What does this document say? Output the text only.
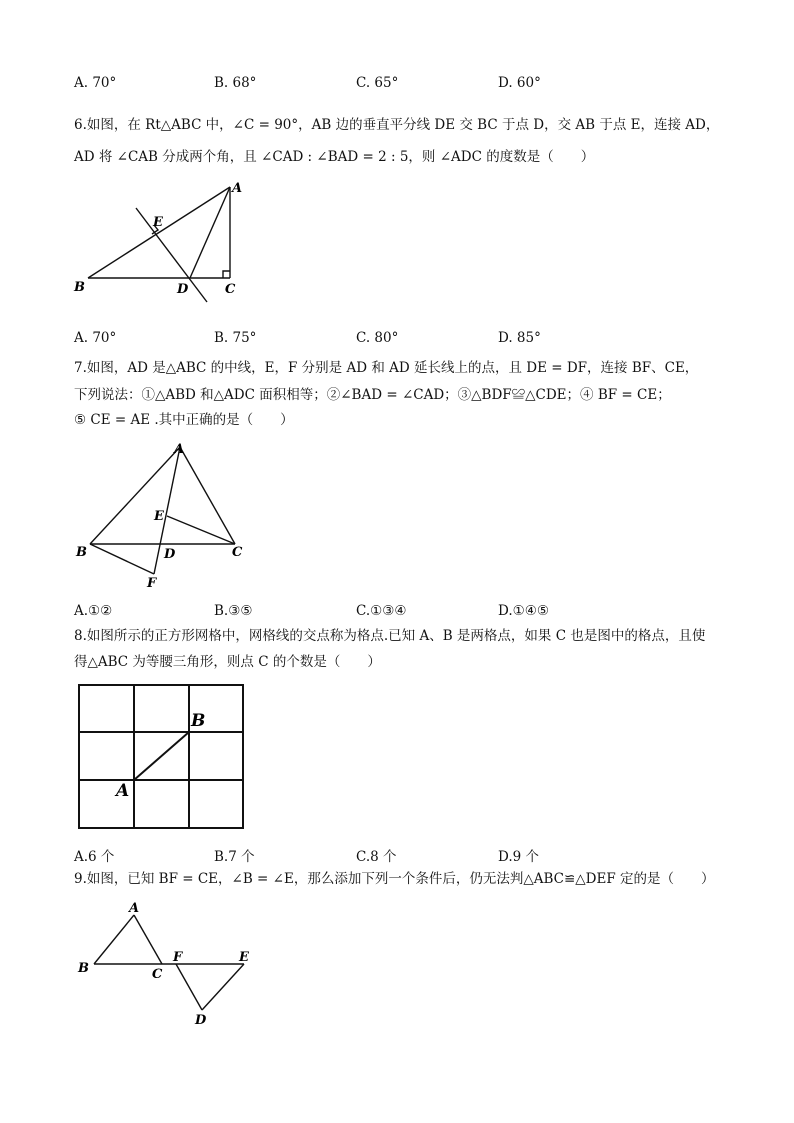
A. 70°	B. 68°	C. 65°	D. 60°
6.如图，在 Rt△ABC 中，∠C = 90°，AB 边的垂直平分线 DE 交 BC 于点 D，交 AB 于点 E，连接 AD，
AD 将 ∠CAB 分成两个角，且 ∠CAD : ∠BAD = 2 : 5，则 ∠ADC 的度数是（　　）
A
B	C
D
E
A. 70°	B. 75°	C. 80°	D. 85°
7.如图，AD 是△ABC 的中线，E，F 分别是 AD 和 AD 延长线上的点，且 DE = DF，连接 BF、CE，
下列说法：①△ABD 和△ADC 面积相等；②∠BAD = ∠CAD；③△BDF≌△CDE；④ BF = CE；
⑤ CE = AE .其中正确的是（　　）
A
B	C
D
E
F
A.①②	B.③⑤	C.①③④	D.①④⑤
8.如图所示的正方形网格中，网格线的交点称为格点.已知 A、B 是两格点，如果 C 也是图中的格点，且使
得△ABC 为等腰三角形，则点 C 的个数是（　　）
B
A
A.6 个	B.7 个	C.8 个	D.9 个
9.如图，已知 BF = CE，∠B = ∠E，那么添加下列一个条件后，仍无法判△ABC≌△DEF 定的是（　　）
A
B	C
F	E
D
